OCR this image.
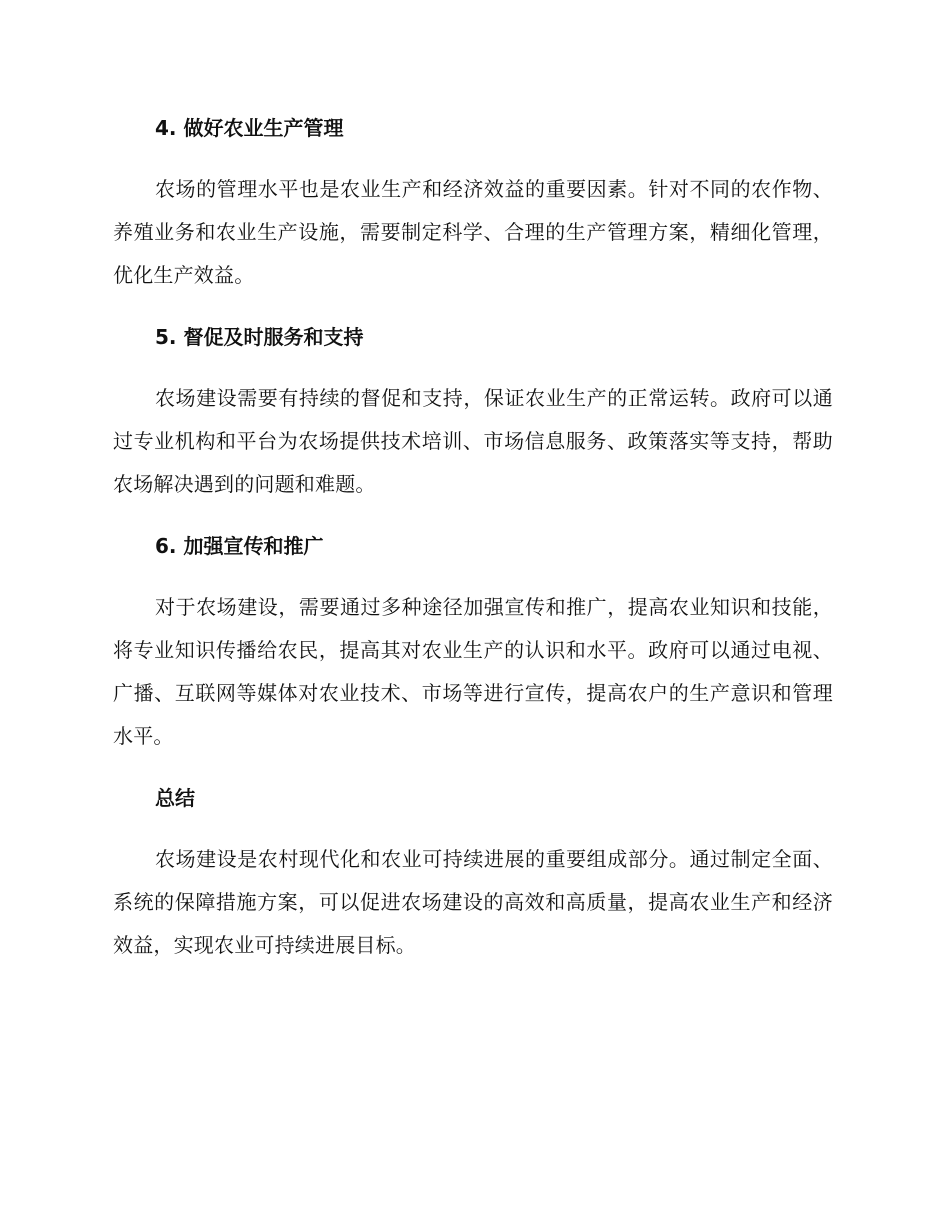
4. 做好农业生产管理

农场的管理水平也是农业生产和经济效益的重要因素。针对不同的农作物、养殖业务和农业生产设施，需要制定科学、合理的生产管理方案，精细化管理，优化生产效益。

5. 督促及时服务和支持

农场建设需要有持续的督促和支持，保证农业生产的正常运转。政府可以通过专业机构和平台为农场提供技术培训、市场信息服务、政策落实等支持，帮助农场解决遇到的问题和难题。

6. 加强宣传和推广

对于农场建设，需要通过多种途径加强宣传和推广，提高农业知识和技能，将专业知识传播给农民，提高其对农业生产的认识和水平。政府可以通过电视、广播、互联网等媒体对农业技术、市场等进行宣传，提高农户的生产意识和管理水平。

总结

农场建设是农村现代化和农业可持续进展的重要组成部分。通过制定全面、系统的保障措施方案，可以促进农场建设的高效和高质量，提高农业生产和经济效益，实现农业可持续进展目标。
